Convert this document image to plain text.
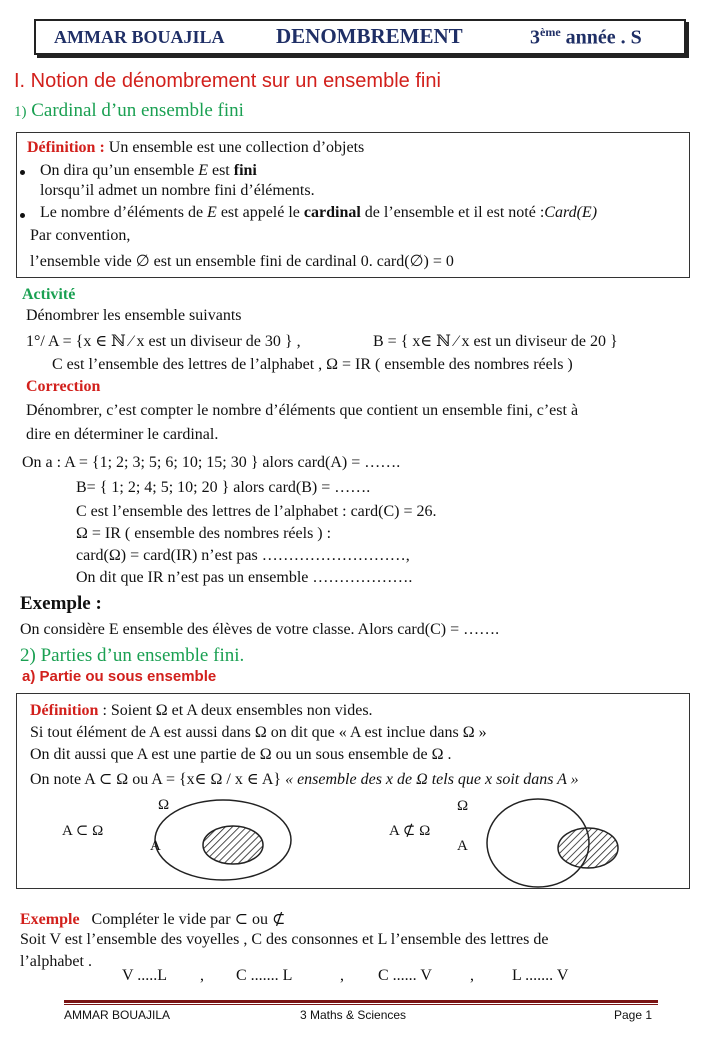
AMMAR BOUAJILA DENOMBREMENT	3ème année . S
I. Notion de dénombrement sur un ensemble fini
1) Cardinal d’un ensemble fini
Définition : Un ensemble est une collection d’objets
On dira qu’un ensemble E est fini
lorsqu’il admet un nombre fini d’éléments.
Le nombre d’éléments de E est appelé le cardinal de l’ensemble et il est noté :Card(E)
Par convention,
l’ensemble vide ∅ est un ensemble fini de cardinal 0. card(∅) = 0
Activité
Dénombrer les ensemble suivants
1°/ A = {x ∈ ℕ ⁄ x est un diviseur de 30 } ,	B = { x∈ ℕ ⁄ x est un diviseur de 20 }
C est l’ensemble des lettres de l’alphabet , Ω = IR ( ensemble des nombres réels )
Correction
Dénombrer, c’est compter le nombre d’éléments que contient un ensemble fini, c’est à
dire en déterminer le cardinal.
On a : A = {1; 2; 3; 5; 6; 10; 15; 30 } alors card(A) = …….
B= { 1; 2; 4; 5; 10; 20 } alors card(B) = …….
C est l’ensemble des lettres de l’alphabet : card(C) = 26.
Ω = IR ( ensemble des nombres réels ) :
card(Ω) = card(IR) n’est pas ………………………,
On dit que IR n’est pas un ensemble ……………….
Exemple :
On considère E ensemble des élèves de votre classe. Alors card(C) = …….
2) Parties d’un ensemble fini.
a) Partie ou sous ensemble
Définition : Soient Ω et A deux ensembles non vides.
Si tout élément de A est aussi dans Ω on dit que « A est inclue dans Ω »
On dit aussi que A est une partie de Ω ou un sous ensemble de Ω .
On note A ⊂ Ω ou A = {x∈ Ω / x ∈ A} « ensemble des x de Ω tels que x soit dans A »
A ⊂ Ω
Ω
A
A ⊄ Ω
Ω
A
Exemple Compléter le vide par ⊂ ou ⊄
Soit V est l’ensemble des voyelles , C des consonnes et L l’ensemble des lettres de
l’alphabet .
V .....L , C ....... L	, C ...... V , L ....... V
AMMAR BOUAJILA	3 Maths & Sciences	Page 1
